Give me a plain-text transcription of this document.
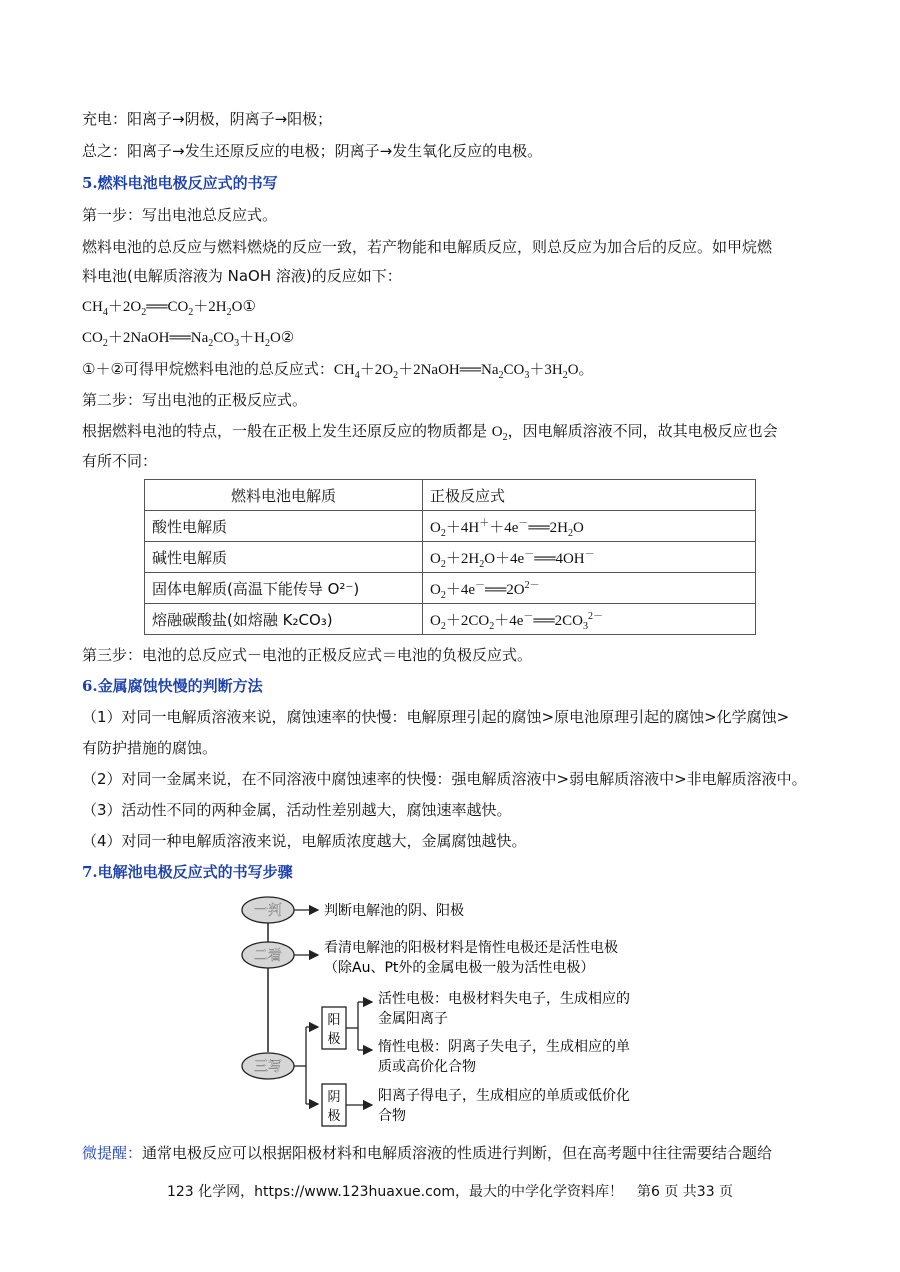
充电：阳离子→阴极，阴离子→阳极；
总之：阳离子→发生还原反应的电极；阴离子→发生氧化反应的电极。
5.燃料电池电极反应式的书写
第一步：写出电池总反应式。
燃料电池的总反应与燃料燃烧的反应一致，若产物能和电解质反应，则总反应为加合后的反应。如甲烷燃
料电池(电解质溶液为 NaOH 溶液)的反应如下：
$CH_4+2O_2══CO_2+2H_2O①$
$CO_2+2NaOH══Na_2CO_3+H_2O②$
①＋②可得甲烷燃料电池的总反应式：$CH_4+2O_2+2NaOH══Na_2CO_3+3H_2O$。
第二步：写出电池的正极反应式。
根据燃料电池的特点，一般在正极上发生还原反应的物质都是 $O_2$，因电解质溶液不同，故其电极反应也会
有所不同：
燃料电池电解质	正极反应式
酸性电解质	$O_2+4H^++4e^-══2H_2O$
碱性电解质	$O_2+2H_2O+4e^-══4OH^-$
固体电解质(高温下能传导 O²⁻)	$O_2+4e^-══2O^{2-}$
熔融碳酸盐(如熔融 K₂CO₃)	$O_2+2CO_2+4e^-══2CO_3^{2-}$
第三步：电池的总反应式－电池的正极反应式＝电池的负极反应式。
6.金属腐蚀快慢的判断方法
（1）对同一电解质溶液来说，腐蚀速率的快慢：电解原理引起的腐蚀>原电池原理引起的腐蚀>化学腐蚀>
有防护措施的腐蚀。
（2）对同一金属来说，在不同溶液中腐蚀速率的快慢：强电解质溶液中>弱电解质溶液中>非电解质溶液中。
（3）活动性不同的两种金属，活动性差别越大，腐蚀速率越快。
（4）对同一种电解质溶液来说，电解质浓度越大，金属腐蚀越快。
7.电解池电极反应式的书写步骤
一判
二看
三写
判断电解池的阴、阳极
看清电解池的阳极材料是惰性电极还是活性电极
（除Au、Pt外的金属电极一般为活性电极）
阳
极
活性电极：电极材料失电子，生成相应的
金属阳离子
惰性电极：阴离子失电子，生成相应的单
质或高价化合物
阴
极
阳离子得电子，生成相应的单质或低价化
合物
微提醒：通常电极反应可以根据阳极材料和电解质溶液的性质进行判断，但在高考题中往往需要结合题给
123 化学网，https://www.123huaxue.com，最大的中学化学资料库！　第6 页 共33 页
